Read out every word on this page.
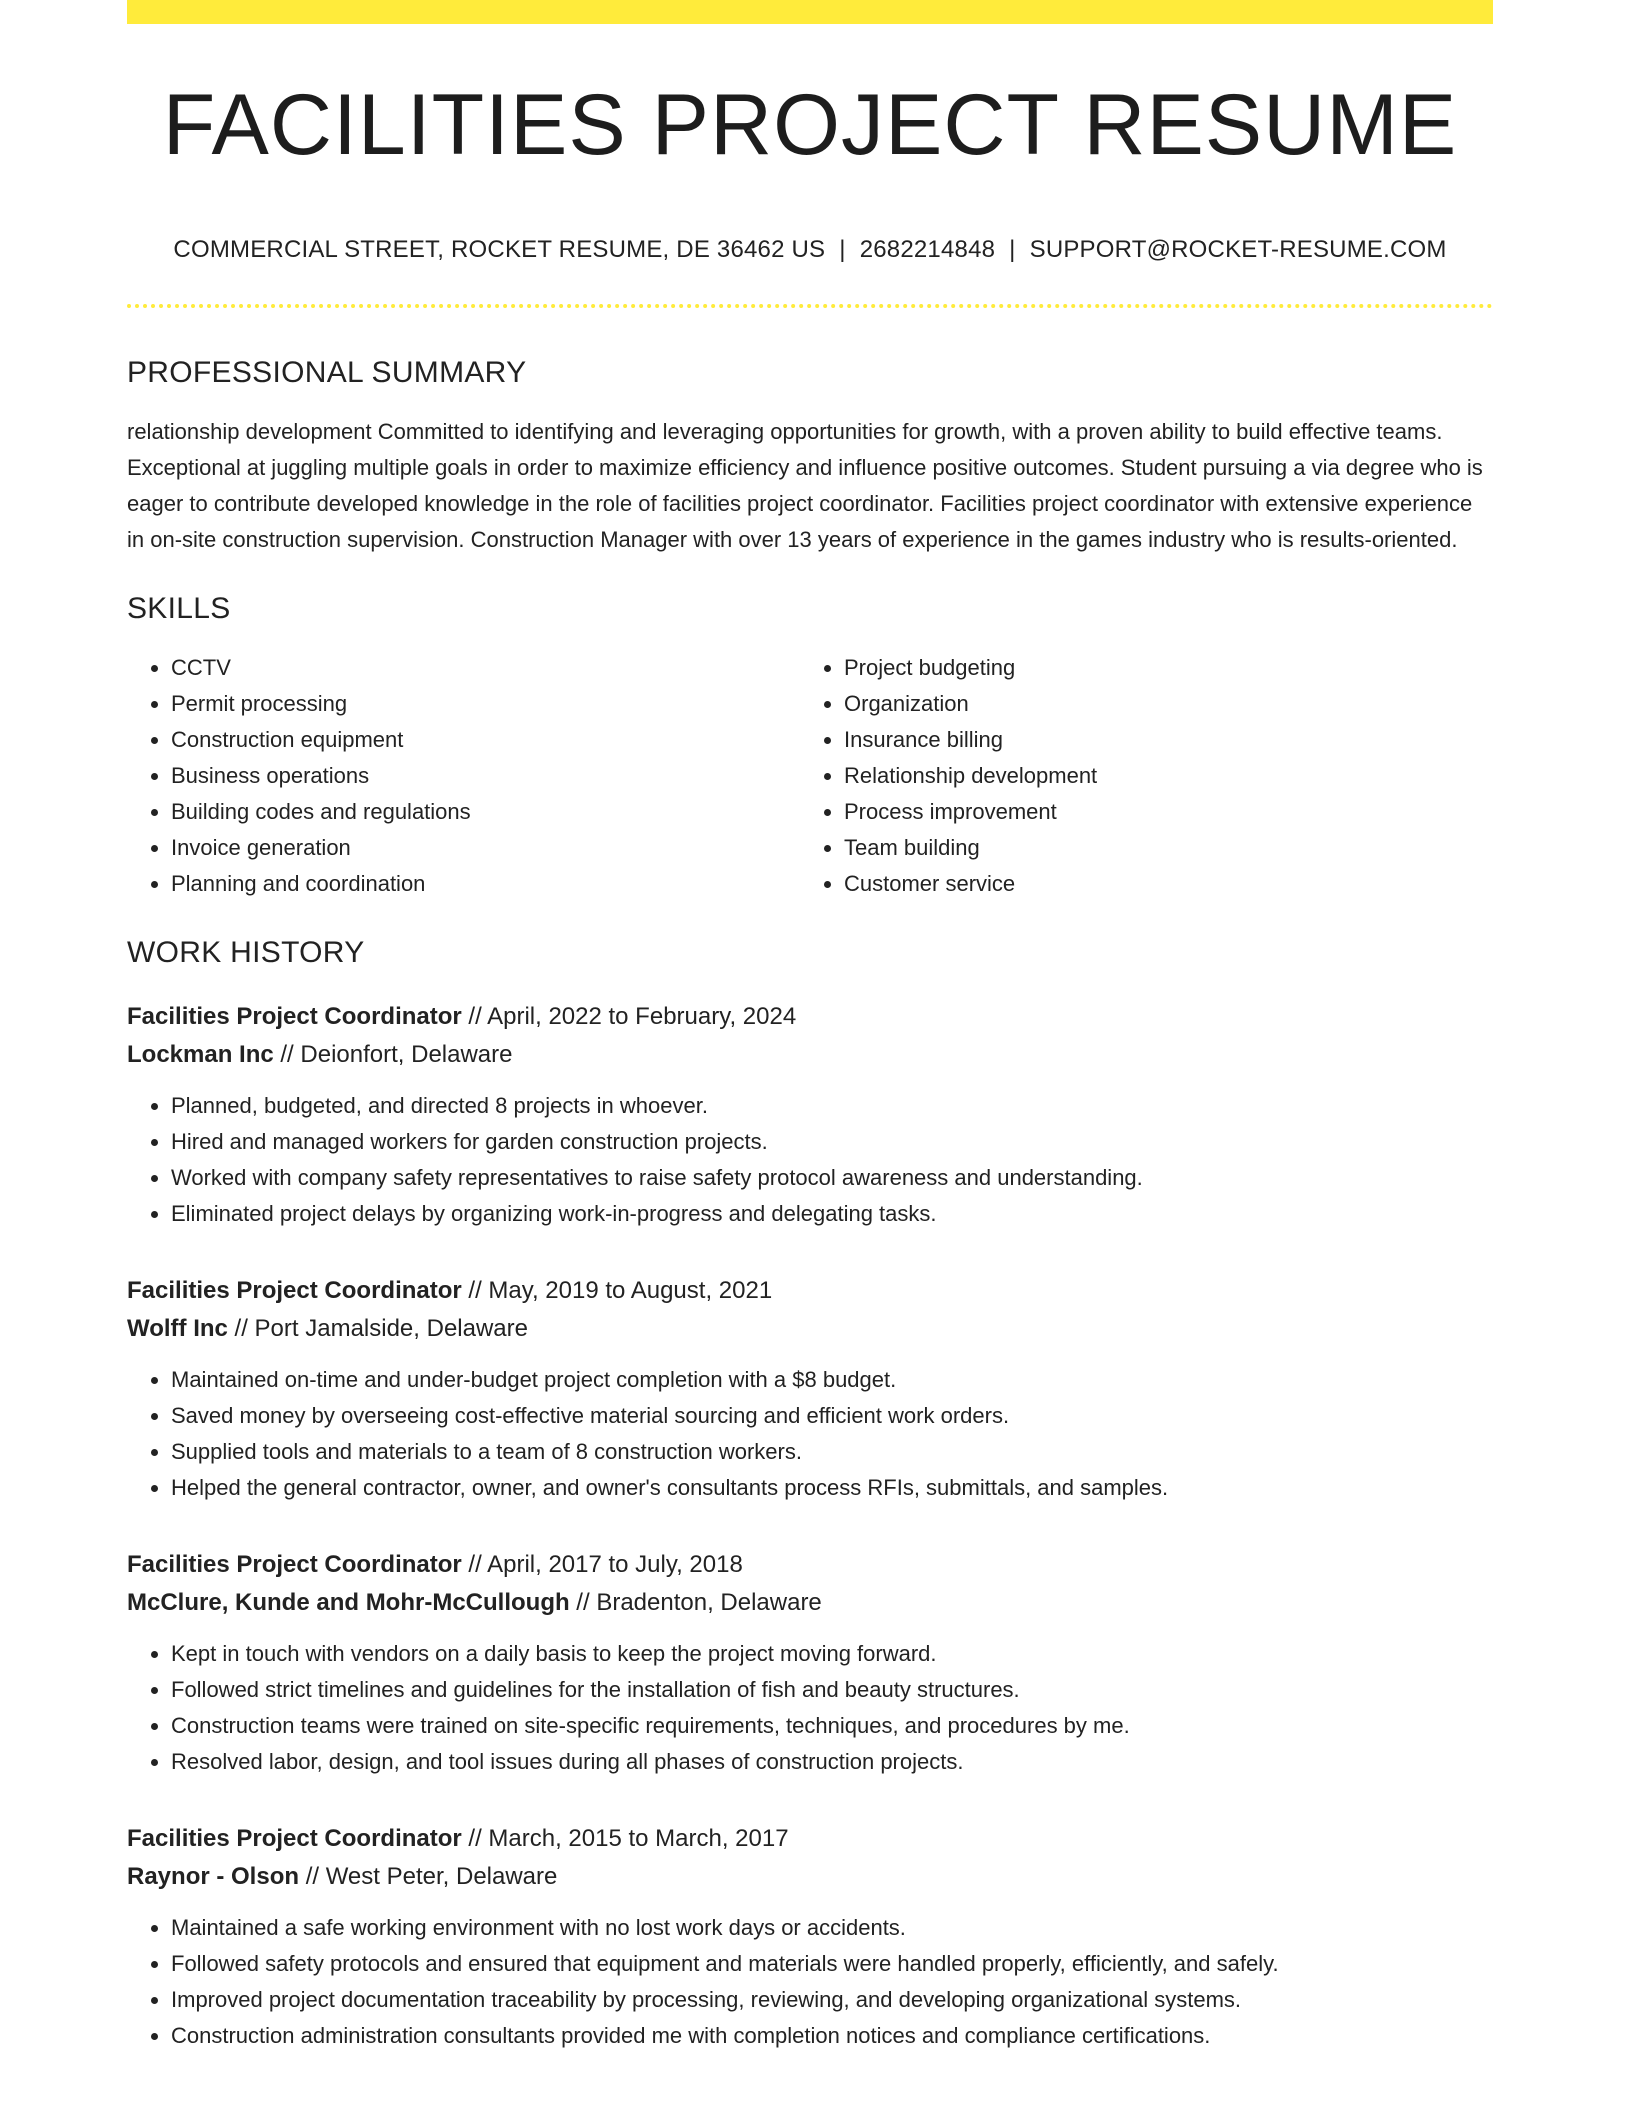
FACILITIES PROJECT RESUME
COMMERCIAL STREET, ROCKET RESUME, DE 36462 US | 2682214848 | SUPPORT@ROCKET-RESUME.COM
PROFESSIONAL SUMMARY

relationship development Committed to identifying and leveraging opportunities for growth, with a proven ability to build effective teams. Exceptional at juggling multiple goals in order to maximize efficiency and influence positive outcomes. Student pursuing a via degree who is eager to contribute developed knowledge in the role of facilities project coordinator. Facilities project coordinator with extensive experience in on-site construction supervision. Construction Manager with over 13 years of experience in the games industry who is results-oriented.

SKILLS
• CCTV
• Permit processing
• Construction equipment
• Business operations
• Building codes and regulations
• Invoice generation
• Planning and coordination
• Project budgeting
• Organization
• Insurance billing
• Relationship development
• Process improvement
• Team building
• Customer service
WORK HISTORY
Facilities Project Coordinator // April, 2022 to February, 2024
Lockman Inc // Deionfort, Delaware
• Planned, budgeted, and directed 8 projects in whoever.
• Hired and managed workers for garden construction projects.
• Worked with company safety representatives to raise safety protocol awareness and understanding.
• Eliminated project delays by organizing work-in-progress and delegating tasks.
Facilities Project Coordinator // May, 2019 to August, 2021
Wolff Inc // Port Jamalside, Delaware
• Maintained on-time and under-budget project completion with a $8 budget.
• Saved money by overseeing cost-effective material sourcing and efficient work orders.
• Supplied tools and materials to a team of 8 construction workers.
• Helped the general contractor, owner, and owner's consultants process RFIs, submittals, and samples.
Facilities Project Coordinator // April, 2017 to July, 2018
McClure, Kunde and Mohr-McCullough // Bradenton, Delaware
• Kept in touch with vendors on a daily basis to keep the project moving forward.
• Followed strict timelines and guidelines for the installation of fish and beauty structures.
• Construction teams were trained on site-specific requirements, techniques, and procedures by me.
• Resolved labor, design, and tool issues during all phases of construction projects.
Facilities Project Coordinator // March, 2015 to March, 2017
Raynor - Olson // West Peter, Delaware
• Maintained a safe working environment with no lost work days or accidents.
• Followed safety protocols and ensured that equipment and materials were handled properly, efficiently, and safely.
• Improved project documentation traceability by processing, reviewing, and developing organizational systems.
• Construction administration consultants provided me with completion notices and compliance certifications.
